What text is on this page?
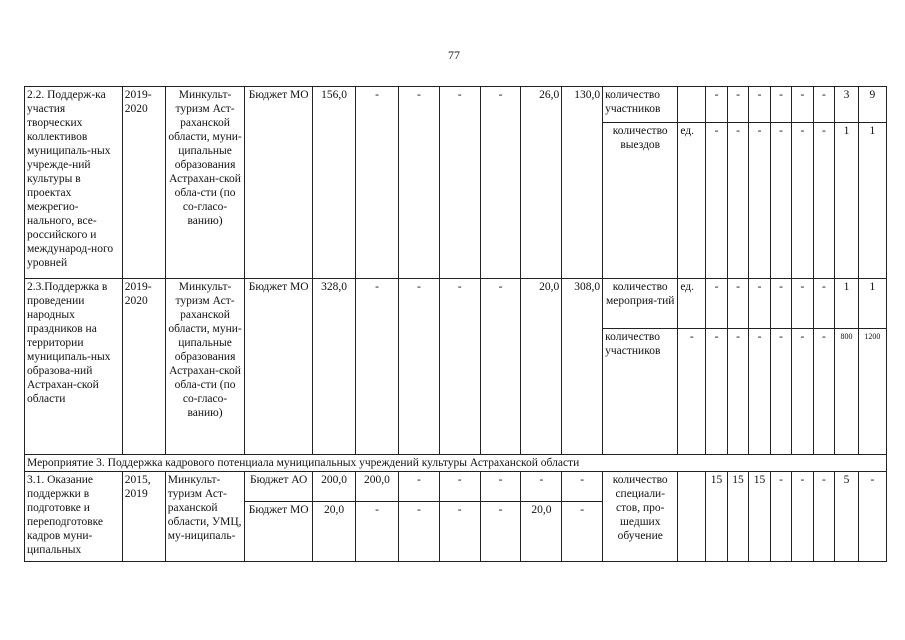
77
2.2. Поддерж-ка участия творческих коллективов муниципаль-ных учрежде-ний культуры в проектах межрегио-нального, все-российского и международ-ного уровней	2019-2020	Минкульт-туризм Аст-раханской области, муни-ципальные образования Астрахан-ской обла-сти (по со-гласо-ванию)	Бюджет МО	156,0	-	-	-	-	26,0	130,0	количество участников		-	-	-	-	-	-	3	9
											количество выездов	ед.	-	-	-	-	-	-	1	1
2.3.Поддержка в проведении народных праздников на территории муниципаль-ных образова-ний Астрахан-ской области	2019-2020	Минкульт-туризм Аст-раханской области, муни-ципальные образования Астрахан-ской обла-сти (по со-гласо-ванию)	Бюджет МО	328,0	-	-	-	-	20,0	308,0	количество мероприя-тий	ед.	-	-	-	-	-	-	1	1
											количество участников	-	-	-	-	-	-	-	800	1200
Мероприятие 3. Поддержка кадрового потенциала муниципальных учреждений культуры Астраханской области																				
3.1. Оказание поддержки в подготовке и переподготовке кадров муни-ципальных	2015, 2019	Минкульт-туризм Аст-раханской области, УМЦ, му-ниципаль-	Бюджет АО	200,0	200,0	-	-	-	-	-	количество специали-стов, про-шедших обучение		15	15	15	-	-	-	5	-
			Бюджет МО	20,0	-	-	-	-	20,0	-										
